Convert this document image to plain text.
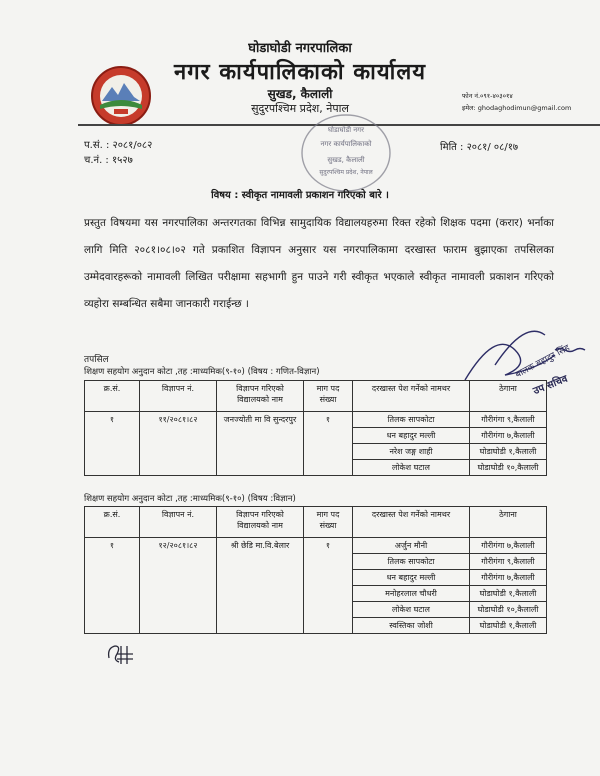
घोडाघोडी नगरपालिका
नगर कार्यपालिकाको कार्यालय
सुखड, कैलाली
सुदुरपश्चिम प्रदेश, नेपाल
फोन नं.०९१-४०३०१४
इमेल: ghodaghodimun@gmail.com
घोडाघोडी नगर
नगर कार्यपालिकाको
सुखड, कैलाली
सुदुरपश्चिम प्रदेश, नेपाल
प.सं. : २०८१/०८२
च.नं. : १५२७
मिति : २०८१/ ०८/१७
विषय : स्वीकृत नामावली प्रकाशन गरिएको बारे ।
प्रस्तुत विषयमा यस नगरपालिका अन्तरगतका विभिन्न सामुदायिक विद्यालयहरुमा रिक्त रहेको शिक्षक पदमा (करार) भर्नाका लागि मिति २०८१।०८।०२ गते प्रकाशित विज्ञापन अनुसार यस नगरपालिकामा दरखास्त फाराम बुझाएका तपसिलका उम्मेदवारहरूको नामावली लिखित परीक्षामा सहभागी हुन पाउने गरी स्वीकृत भएकाले स्वीकृत नामावली प्रकाशन गरिएको व्यहोरा सम्बन्धित सबैमा जानकारी गराईन्छ ।
बालक बहादुर सिंह
उप सचिव
तपसिल
शिक्षण सहयोग अनुदान कोटा ,तह :माध्यमिक(९-१०) (विषय : गणित-विज्ञान)
क्र.सं.	विज्ञापन नं.	विज्ञापन गरिएको विद्यालयको नाम	माग पद संख्या	दरखास्त पेश गर्नेको नामथर	ठेगाना
१	११/२०८१।८२	जनज्योती मा वि सुन्दरपुर	१	तिलक सापकोटा	गौरीगंगा ९,कैलाली
				धन बहादुर मल्ली	गौरीगंगा ७,कैलाली
				नरेश जङ्ग शाही	घोडाघोडी १,कैलाली
				लोकेश घटाल	घोडाघोडी १०,कैलाली
शिक्षण सहयोग अनुदान कोटा ,तह :माध्यमिक(९-१०) (विषय :विज्ञान)
क्र.सं.	विज्ञापन नं.	विज्ञापन गरिएको विद्यालयको नाम	माग पद संख्या	दरखास्त पेश गर्नेको नामथर	ठेगाना
१	१२/२०८१।८२	श्री छेडि मा.वि.बेलार	१	अर्जुन मौनी	गौरीगंगा ७,कैलाली
				तिलक सापकोटा	गौरीगंगा ९,कैलाली
				धन बहादुर मल्ली	गौरीगंगा ७,कैलाली
				मनोहरलाल चौधरी	घोडाघोडी १,कैलाली
				लोकेश घटाल	घोडाघोडी १०,कैलाली
				स्वस्तिका जोशी	घोडाघोडी १,कैलाली
